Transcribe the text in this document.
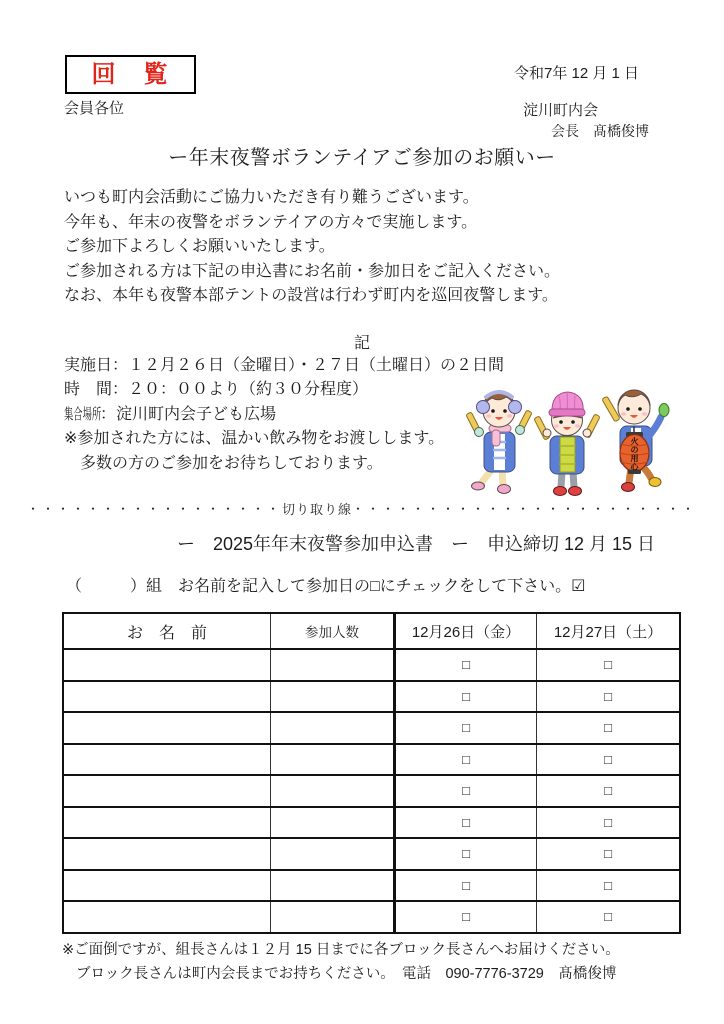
回　覧	令和7年 12 月 1 日
会員各位	淀川町内会
会長　髙橋俊博
ー年末夜警ボランテイアご参加のお願いー
いつも町内会活動にご協力いただき有り難うございます。
今年も、年末の夜警をボランテイアの方々で実施します。
ご参加下よろしくお願いいたします。
ご参加される方は下記の申込書にお名前・参加日をご記入ください。
なお、本年も夜警本部テントの設営は行わず町内を巡回夜警します。
記
実施日：１２月２６日（金曜日）・２７日（土曜日）の２日間
時　間：２０：００より（約３０分程度）
集合場所：淀川町内会子ども広場
※参加された方には、温かい飲み物をお渡しします。
多数の方のご参加をお待ちしております。
火
の
用
心
・・・・・・・・・・・・・・・・・切り取り線・・・・・・・・・・・・・・・・・・・・・・・
ー　2025年年末夜警参加申込書　ー　申込締切 12 月 15 日
（　　　）組　お名前を記入して参加日の□にチェックをして下さい。☑
お　名　前	参加人数	12月26日（金）	12月27日（土）
		□	□
		□	□
		□	□
		□	□
		□	□
		□	□
		□	□
		□	□
		□	□
※ご面倒ですが、組長さんは１２月 15 日までに各ブロック長さんへお届けください。
ブロック長さんは町内会長までお持ちください。　電話　090-7776-3729　髙橋俊博
